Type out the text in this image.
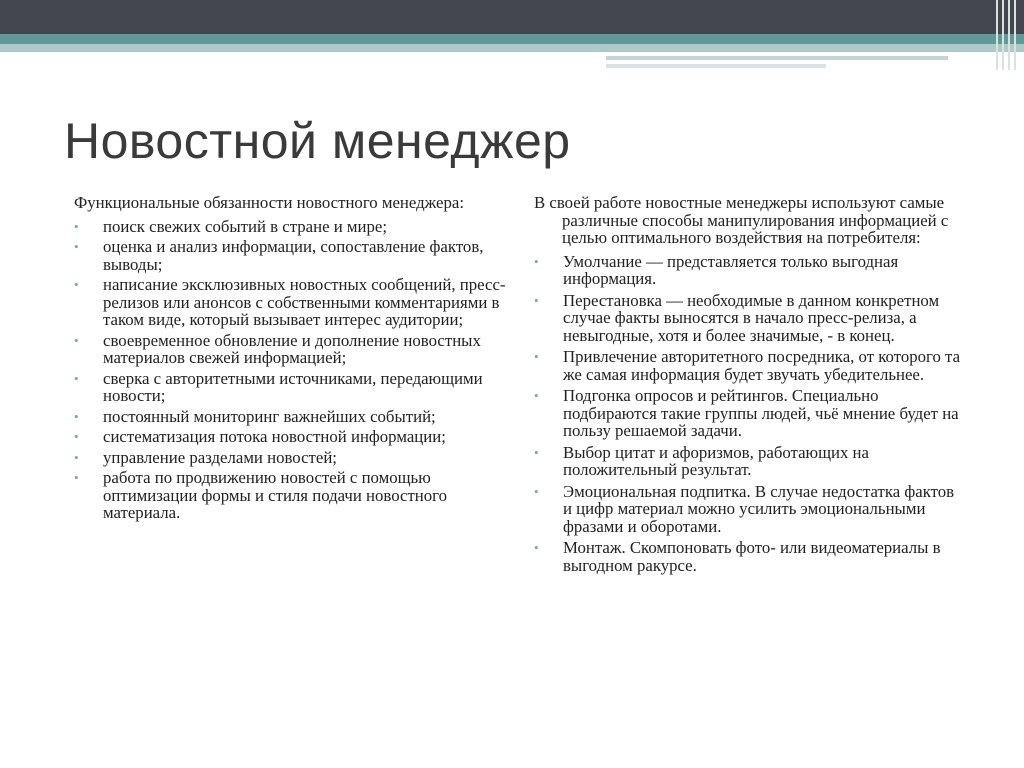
Новостной менеджер

Функциональные обязанности новостного менеджера:

•	поиск свежих событий в стране и мире;
•	оценка и анализ информации, сопоставление фактов, выводы;
•	написание эксклюзивных новостных сообщений, пресс-релизов или анонсов с собственными комментариями в таком виде, который вызывает интерес аудитории;
•	своевременное обновление и дополнение новостных материалов свежей информацией;
•	сверка с авторитетными источниками, передающими новости;
•	постоянный мониторинг важнейших событий;
•	систематизация потока новостной информации;
•	управление разделами новостей;
•	работа по продвижению новостей с помощью оптимизации формы и стиля подачи новостного материала.

В своей работе новостные менеджеры используют самые различные способы манипулирования информацией с целью оптимального воздействия на потребителя:

•	Умолчание — представляется только выгодная информация.
•	Перестановка — необходимые в данном конкретном случае факты выносятся в начало пресс-релиза, а невыгодные, хотя и более значимые, - в конец.
•	Привлечение авторитетного посредника, от которого та же самая информация будет звучать убедительнее.
•	Подгонка опросов и рейтингов. Специально подбираются такие группы людей, чьё мнение будет на пользу решаемой задачи.
•	Выбор цитат и афоризмов, работающих на положительный результат.
•	Эмоциональная подпитка. В случае недостатка фактов и цифр материал можно усилить эмоциональными фразами и оборотами.
•	Монтаж. Скомпоновать фото- или видеоматериалы в выгодном ракурсе.
